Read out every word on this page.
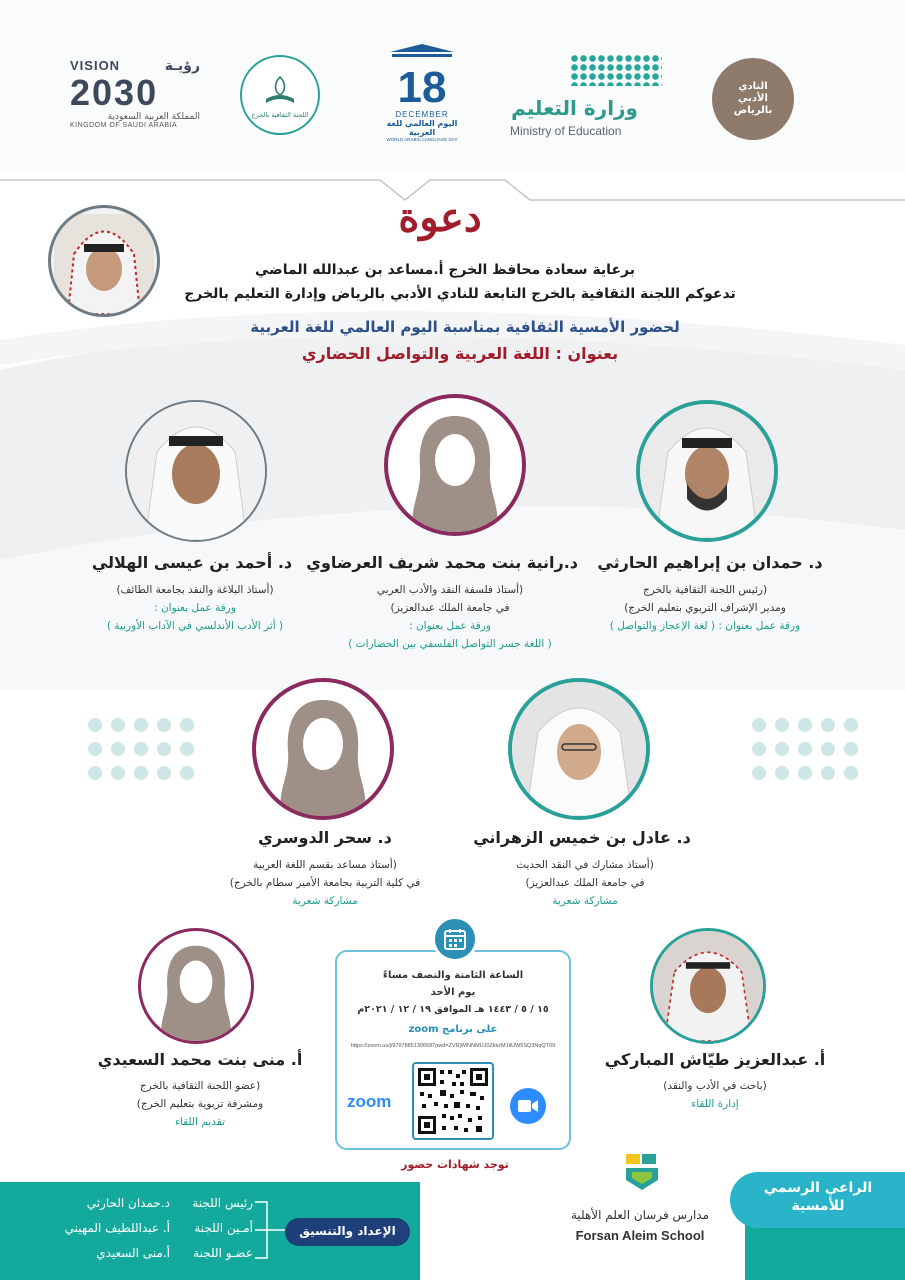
VISION	رؤيـة
2030
المملكة العربية السعودية
KINGDOM OF SAUDI ARABIA
اللجنة الثقافية بالخرج
18
DECEMBER
اليوم العالمي للغة العربية
WORLD ARABIC LANGUAGE DAY
وزارة التعليم
Ministry of Education
النادي الأدبي بالرياض
دعوة
برعاية سعادة محافظ الخرج أ.مساعد بن عبدالله الماضي
تدعوكم اللجنة الثقافية بالخرج التابعة للنادي الأدبي بالرياض وإدارة التعليم بالخرج
لحضور الأمسية الثقافية بمناسبة اليوم العالمي للغة العربية
بعنوان : اللغة العربية والتواصل الحضاري
د. حمدان بن إبراهيم الحارثي
(رئيس اللجنة الثقافية بالخرج
ومدير الإشراف التربوي بتعليم الخرج)
ورقة عمل بعنوان : ( لغة الإعجاز والتواصل )
د.رانية بنت محمد شريف العرضاوي
(أستاذ فلسفة النقد والأدب العربي
في جامعة الملك عبدالعزيز)
ورقة عمل بعنوان :
( اللغة جسر التواصل الفلسفي بين الحضارات )
د. أحمد بن عيسى الهلالي
(أستاذ البلاغة والنقد بجامعة الطائف)
ورقة عمل بعنوان :
( أثر الأدب الأندلسي في الآداب الأوربية )
د. عادل بن خميس الزهراني
(أستاذ مشارك في النقد الحديث
في جامعة الملك عبدالعزيز)
مشاركة شعرية
د. سحر الدوسري
(أستاذ مساعد بقسم اللغة العربية
في كلية التربية بجامعة الأمير سطام بالخرج)
مشاركة شعرية
أ. منى بنت محمد السعيدي
(عضو اللجنة الثقافية بالخرج
ومشرفة تربوية بتعليم الخرج)
تقديم اللقاء
أ. عبدالعزيز طيّاش المباركي
(باحث في الأدب والنقد)
إدارة اللقاء
الساعة الثامنة والنصف مساءً
يوم الأحد
١٥ / ٥ / ١٤٤٣ هـ الموافق ١٩ / ١٢ / ٢٠٢١م
على برنامج zoom
https://zoom.us/j/97978851306687pwd=ZVRjWlNNMUJ0ZkkzM1liUW5SQ3NqQT09
zoom
توجد شهادات حضور
مدارس فرسان العلم الأهلية
Forsan Aleim School
الراعي الرسمي
للأمسية
الإعداد والتنسيق
رئيس اللجنة
أمـين اللجنة
عضـو اللجنة
د.حمدان الحارثي
أ. عبداللطيف المهيني
أ.منى السعيدي
